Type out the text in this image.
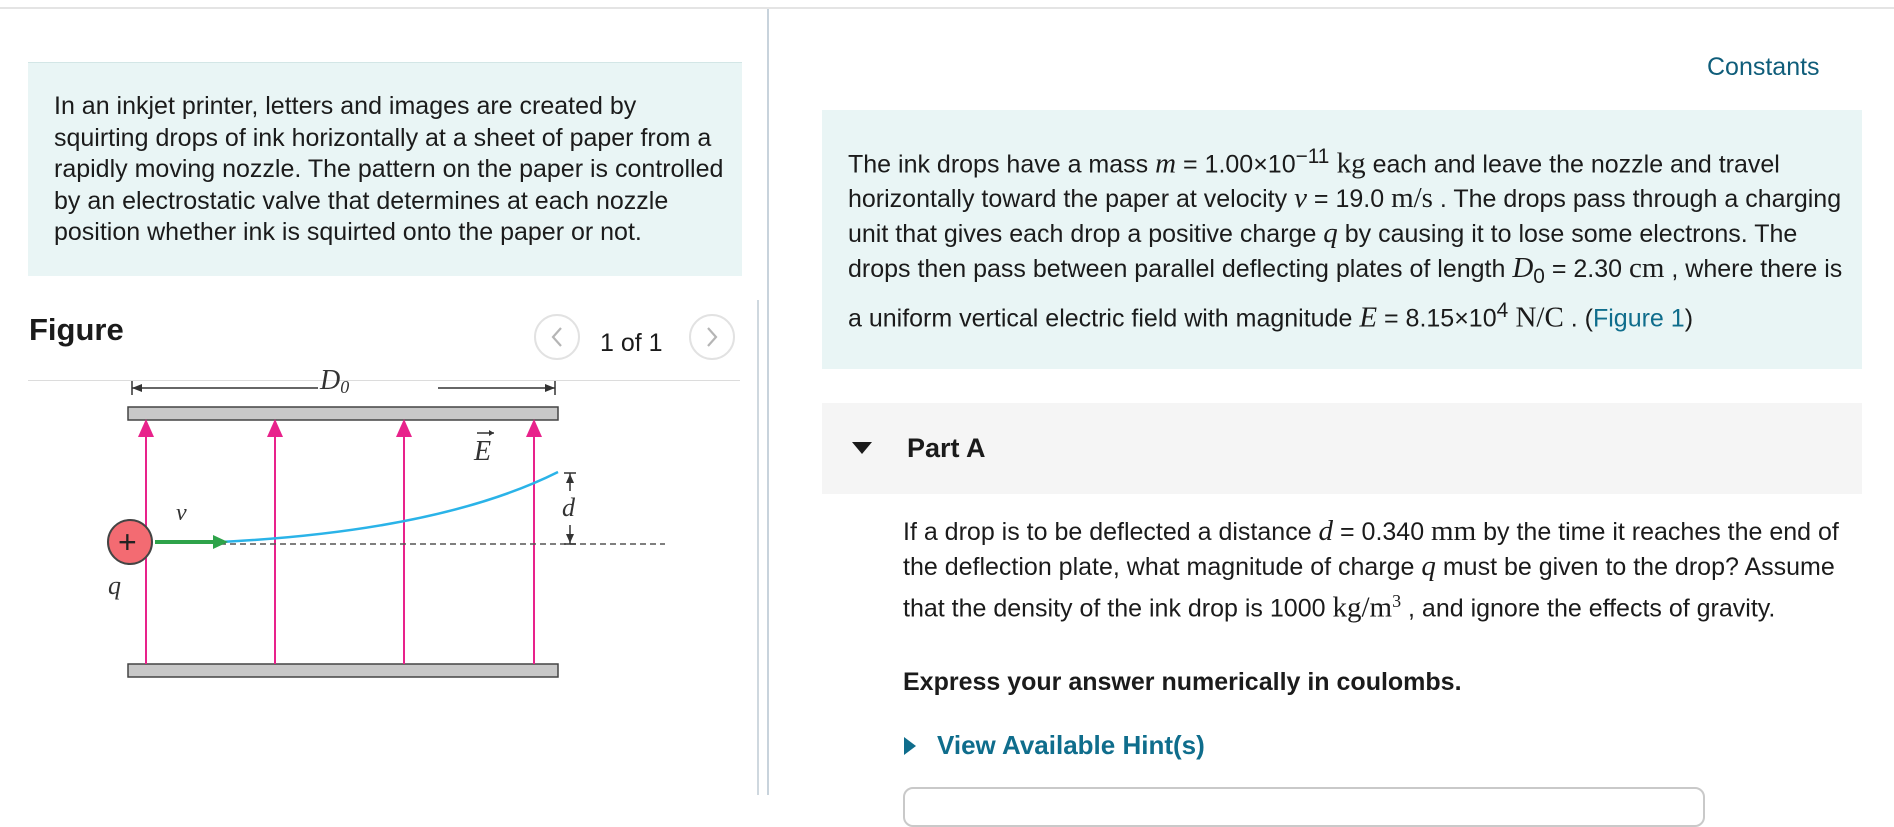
In an inkjet printer, letters and images are created by squirting drops of ink horizontally at a sheet of paper from a rapidly moving nozzle. The pattern on the paper is controlled by an electrostatic valve that determines at each nozzle position whether ink is squirted onto the paper or not.

Figure	1 of 1
D0
E
d
v
+
q
Constants

The ink drops have a mass $m = 1.00\times 10^{-11}$ kg each and leave the nozzle and travel horizontally toward the paper at velocity v = 19.0 m/s . The drops pass through a charging unit that gives each drop a positive charge q by causing it to lose some electrons. The drops then pass between parallel deflecting plates of length $D_0 = 2.30$ cm , where there is a uniform vertical electric field with magnitude $E = 8.15\times 10^4$ N/C . (Figure 1)

Part A

If a drop is to be deflected a distance d = 0.340 mm by the time it reaches the end of the deflection plate, what magnitude of charge q must be given to the drop? Assume that the density of the ink drop is 1000 $kg/m^3$ , and ignore the effects of gravity.

Express your answer numerically in coulombs.

View Available Hint(s)
